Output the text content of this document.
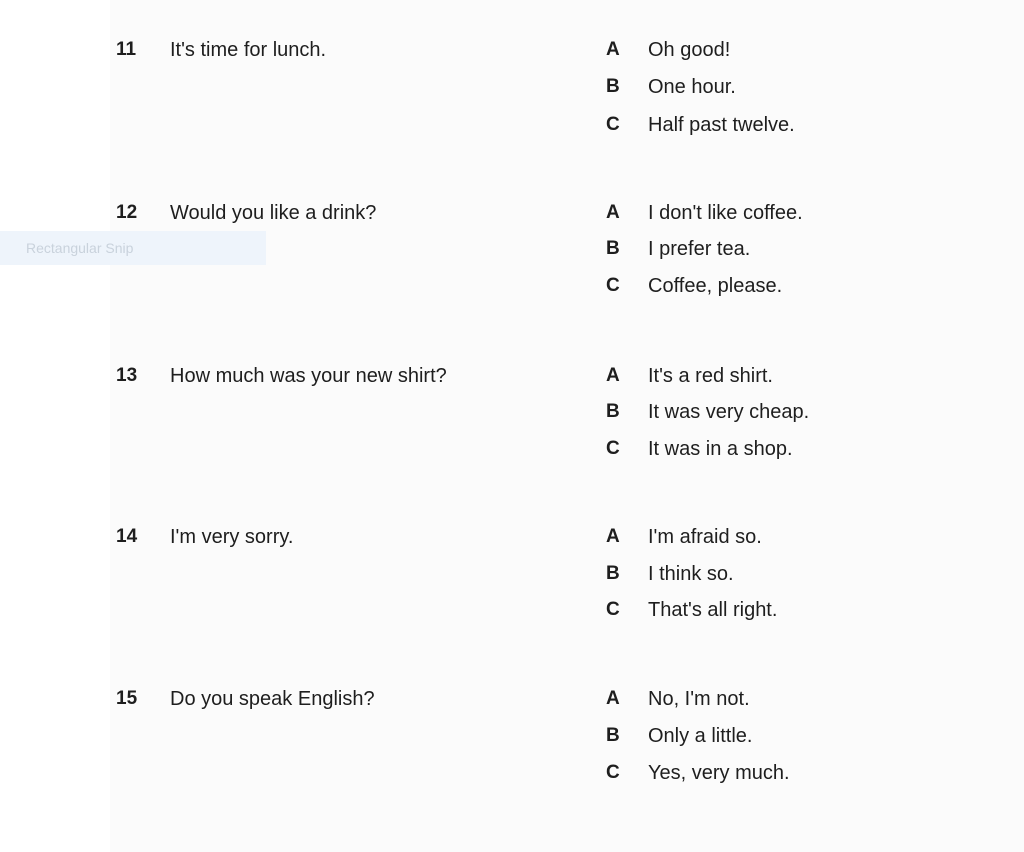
Rectangular Snip
11 It's time for lunch.	A	Oh good!
B	One hour.
C	Half past twelve.
12 Would you like a drink?	A	I don't like coffee.
B	I prefer tea.
C	Coffee, please.
13 How much was your new shirt?	A	It's a red shirt.
B	It was very cheap.
C	It was in a shop.
14 I'm very sorry.	A	I'm afraid so.
B	I think so.
C	That's all right.
15 Do you speak English?	A	No, I'm not.
B	Only a little.
C	Yes, very much.
